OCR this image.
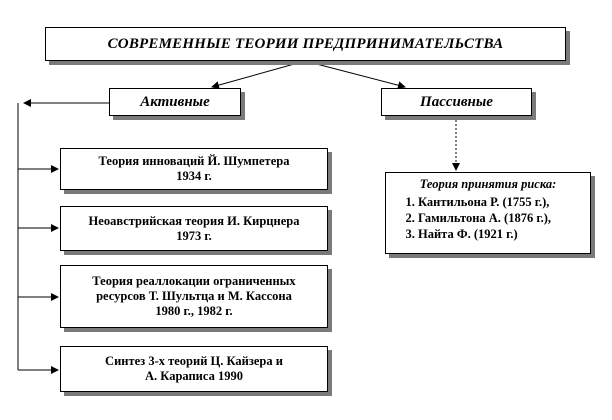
СОВРЕМЕННЫЕ ТЕОРИИ ПРЕДПРИНИМАТЕЛЬСТВА
Активные	Пассивные
Теория инноваций Й. Шумпетера
1934 г.
Неоавстрийская теория И. Кирцнера
1973 г.
Теория реаллокации ограниченных
ресурсов Т. Шультца и М. Кассона
1980 г., 1982 г.
Синтез 3-х теорий Ц. Кайзера и
А. Караписа 1990
Теория принятия риска:
1. Кантильона Р. (1755 г.),
2. Гамильтона А. (1876 г.),
3. Найта Ф. (1921 г.)
